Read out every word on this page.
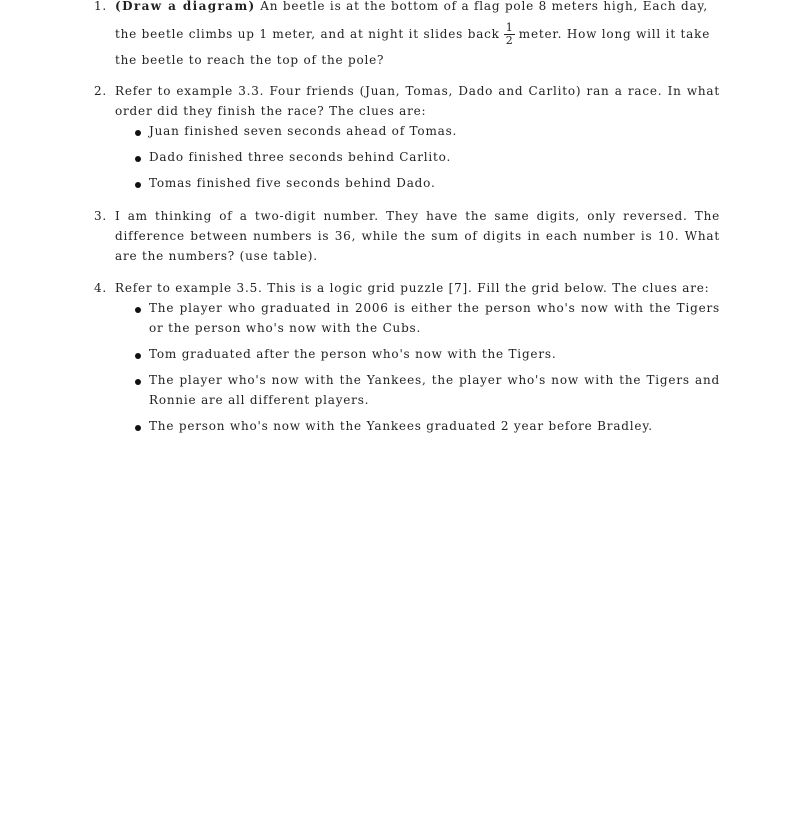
1. (Draw a diagram) An beetle is at the bottom of a flag pole 8 meters high, Each day,
the beetle climbs up 1 meter, and at night it slides back $\frac{1}{2}$ meter. How long will it take
the beetle to reach the top of the pole?
2. Refer to example 3.3. Four friends (Juan, Tomas, Dado and Carlito) ran a race. In what order did they finish the race? The clues are:
Juan finished seven seconds ahead of Tomas.
Dado finished three seconds behind Carlito.
Tomas finished five seconds behind Dado.
3. I am thinking of a two-digit number. They have the same digits, only reversed. The difference between numbers is 36, while the sum of digits in each number is 10. What are the numbers? (use table).
4. Refer to example 3.5. This is a logic grid puzzle [7]. Fill the grid below. The clues are:
The player who graduated in 2006 is either the person who's now with the Tigers or the person who's now with the Cubs.
Tom graduated after the person who's now with the Tigers.
The player who's now with the Yankees, the player who's now with the Tigers and Ronnie are all different players.
The person who's now with the Yankees graduated 2 year before Bradley.
